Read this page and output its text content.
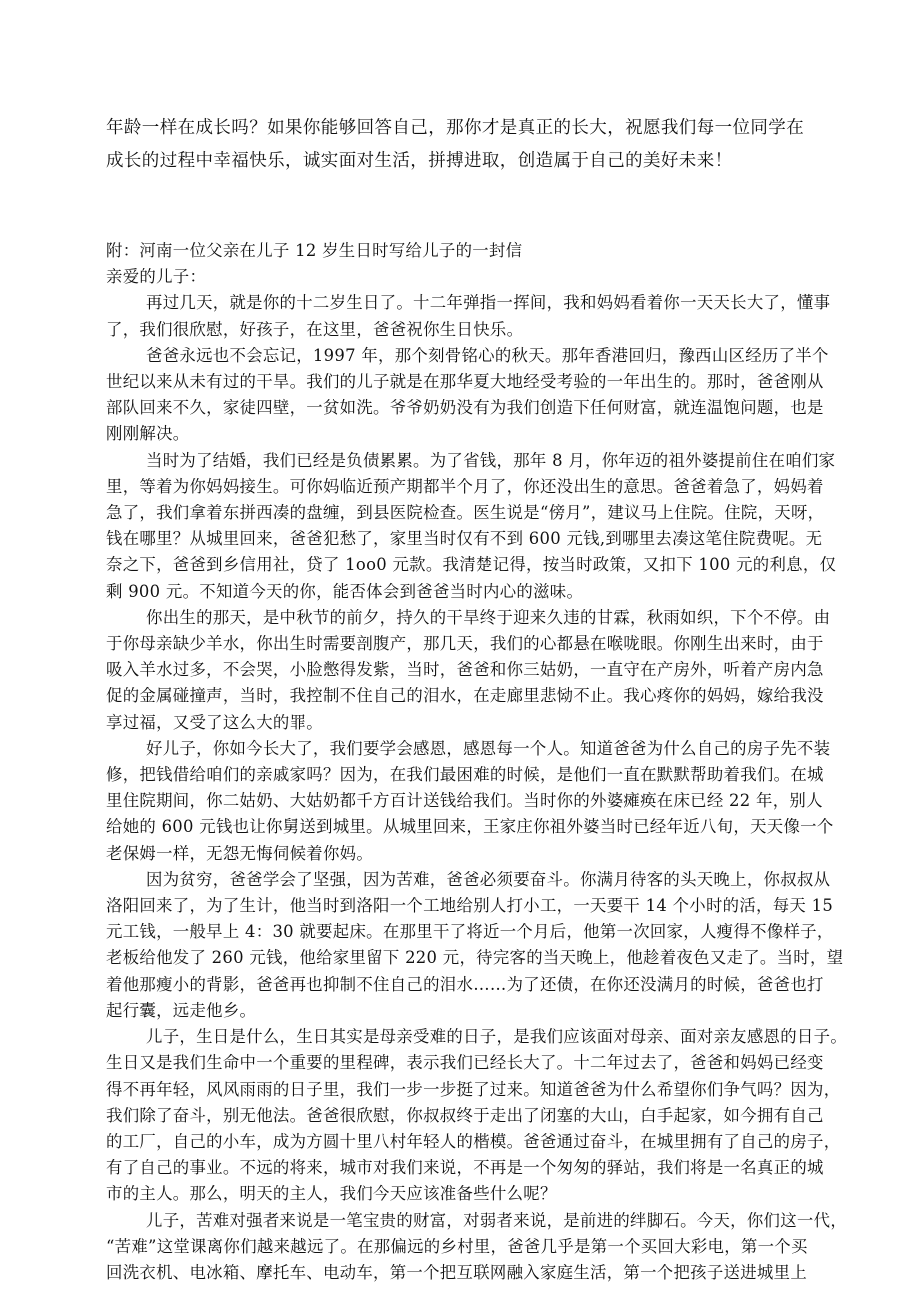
年龄一样在成长吗？如果你能够回答自己，那你才是真正的长大，祝愿我们每一位同学在

成长的过程中幸福快乐，诚实面对生活，拼搏进取，创造属于自己的美好未来！

附：河南一位父亲在儿子 12 岁生日时写给儿子的一封信

亲爱的儿子：

再过几天，就是你的十二岁生日了。十二年弹指一挥间，我和妈妈看着你一天天长大了，懂事
了，我们很欣慰，好孩子，在这里，爸爸祝你生日快乐。

爸爸永远也不会忘记，1997 年，那个刻骨铭心的秋天。那年香港回归，豫西山区经历了半个
世纪以来从未有过的干旱。我们的儿子就是在那华夏大地经受考验的一年出生的。那时，爸爸刚从
部队回来不久，家徒四壁，一贫如洗。爷爷奶奶没有为我们创造下任何财富，就连温饱问题，也是
刚刚解决。

当时为了结婚，我们已经是负债累累。为了省钱，那年 8 月，你年迈的祖外婆提前住在咱们家
里，等着为你妈妈接生。可你妈临近预产期都半个月了，你还没出生的意思。爸爸着急了，妈妈着
急了，我们拿着东拼西凑的盘缠，到县医院检查。医生说是“傍月”，建议马上住院。住院，天呀，
钱在哪里？从城里回来，爸爸犯愁了，家里当时仅有不到 600 元钱,到哪里去凑这笔住院费呢。无
奈之下，爸爸到乡信用社，贷了 1oo0 元款。我清楚记得，按当时政策，又扣下 100 元的利息，仅
剩 900 元。不知道今天的你，能否体会到爸爸当时内心的滋味。

你出生的那天，是中秋节的前夕，持久的干旱终于迎来久违的甘霖，秋雨如织，下个不停。由
于你母亲缺少羊水，你出生时需要剖腹产，那几天，我们的心都悬在喉咙眼。你刚生出来时，由于
吸入羊水过多，不会哭，小脸憋得发紫，当时，爸爸和你三姑奶，一直守在产房外，听着产房内急
促的金属碰撞声，当时，我控制不住自己的泪水，在走廊里悲恸不止。我心疼你的妈妈，嫁给我没
享过福，又受了这么大的罪。

好儿子，你如今长大了，我们要学会感恩，感恩每一个人。知道爸爸为什么自己的房子先不装
修，把钱借给咱们的亲戚家吗？因为，在我们最困难的时候，是他们一直在默默帮助着我们。在城
里住院期间，你二姑奶、大姑奶都千方百计送钱给我们。当时你的外婆瘫痪在床已经 22 年，别人
给她的 600 元钱也让你舅送到城里。从城里回来，王家庄你祖外婆当时已经年近八旬，天天像一个
老保姆一样，无怨无悔伺候着你妈。

因为贫穷，爸爸学会了坚强，因为苦难，爸爸必须要奋斗。你满月待客的头天晚上，你叔叔从
洛阳回来了，为了生计，他当时到洛阳一个工地给别人打小工，一天要干 14 个小时的活，每天 15
元工钱，一般早上 4：30 就要起床。在那里干了将近一个月后，他第一次回家，人瘦得不像样子，
老板给他发了 260 元钱，他给家里留下 220 元，待完客的当天晚上，他趁着夜色又走了。当时，望
着他那瘦小的背影，爸爸再也抑制不住自己的泪水……为了还债，在你还没满月的时候，爸爸也打
起行囊，远走他乡。

儿子，生日是什么，生日其实是母亲受难的日子，是我们应该面对母亲、面对亲友感恩的日子。
生日又是我们生命中一个重要的里程碑，表示我们已经长大了。十二年过去了，爸爸和妈妈已经变
得不再年轻，风风雨雨的日子里，我们一步一步挺了过来。知道爸爸为什么希望你们争气吗？因为，
我们除了奋斗，别无他法。爸爸很欣慰，你叔叔终于走出了闭塞的大山，白手起家，如今拥有自己
的工厂，自己的小车，成为方圆十里八村年轻人的楷模。爸爸通过奋斗，在城里拥有了自己的房子，
有了自己的事业。不远的将来，城市对我们来说，不再是一个匆匆的驿站，我们将是一名真正的城
市的主人。那么，明天的主人，我们今天应该准备些什么呢？

儿子，苦难对强者来说是一笔宝贵的财富，对弱者来说，是前进的绊脚石。今天，你们这一代，
“苦难”这堂课离你们越来越远了。在那偏远的乡村里，爸爸几乎是第一个买回大彩电，第一个买
回洗衣机、电冰箱、摩托车、电动车，第一个把互联网融入家庭生活，第一个把孩子送进城里上
